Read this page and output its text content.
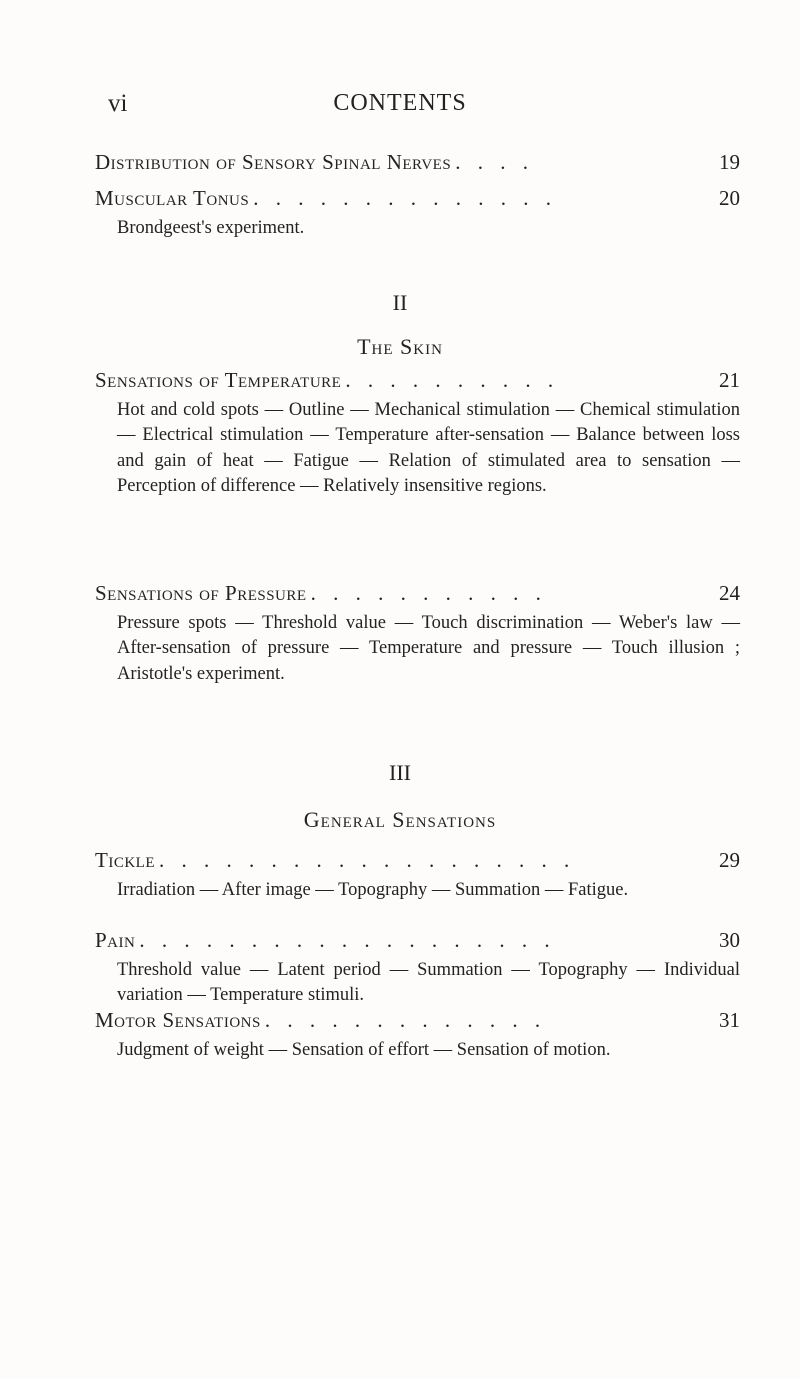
CONTENTS
vi
Distribution of Sensory Spinal Nerves . . . .	19
Muscular Tonus . . . . . . . . . . . . . .	20
Brondgeest's experiment.
II
The Skin
Sensations of Temperature . . . . . . . . . .	21
Hot and cold spots — Outline — Mechanical stimulation — Chemical stimulation — Electrical stimulation — Temperature after-sensation — Balance between loss and gain of heat — Fatigue — Relation of stimulated area to sensation — Perception of difference — Relatively insensitive regions.
Sensations of Pressure . . . . . . . . . . .	24
Pressure spots — Threshold value — Touch discrimination — Weber's law — After-sensation of pressure — Temperature and pressure — Touch illusion ; Aristotle's experiment.
III
General Sensations
Tickle . . . . . . . . . . . . . . . . . . .	29
Irradiation — After image — Topography — Summation — Fatigue.
Pain . . . . . . . . . . . . . . . . . . .	30
Threshold value — Latent period — Summation — Topography — Individual variation — Temperature stimuli.
Motor Sensations . . . . . . . . . . . . .	31
Judgment of weight — Sensation of effort — Sensation of motion.
